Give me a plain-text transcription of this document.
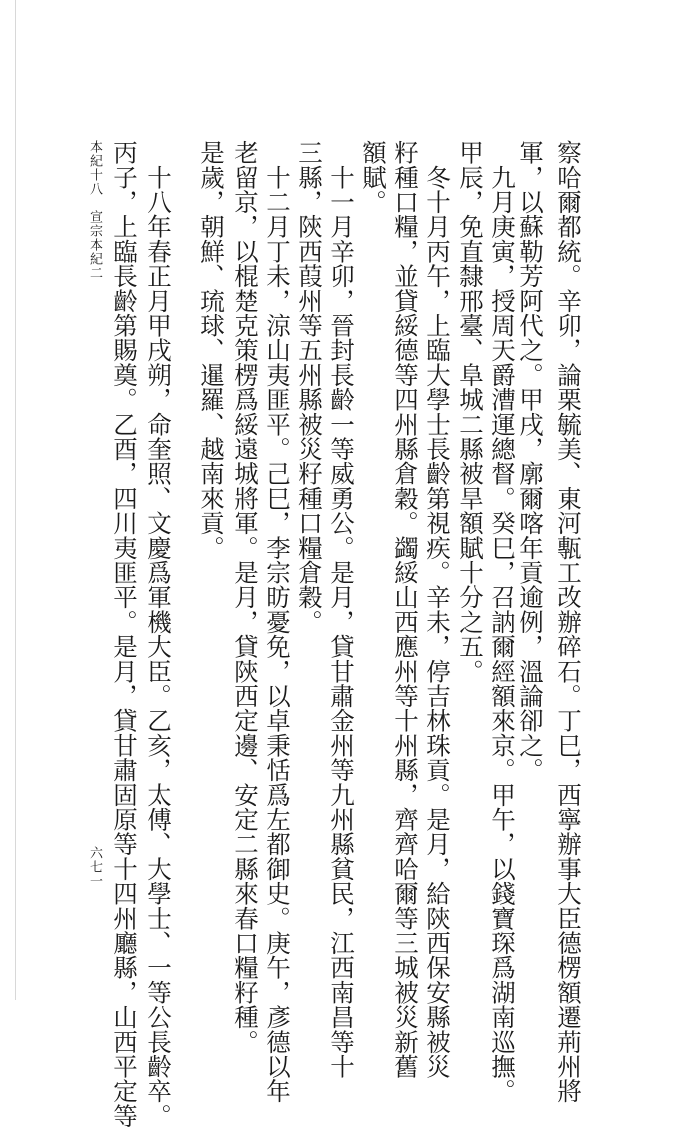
察哈爾都統。辛卯，論栗毓美、東河甎工改辦碎石。丁巳，西寧辦事大臣德楞額遷荊州將
軍，以蘇勒芳阿代之。甲戌，廓爾喀年貢逾例，溫論卻之。
　九月庚寅，授周天爵漕運總督。癸巳，召訥爾經額來京。甲午，以錢寶琛爲湖南巡撫。
甲辰，免直隸邢臺、阜城二縣被旱額賦十分之五。
　冬十月丙午，上臨大學士長齡第視疾。辛未，停吉林珠貢。是月，給陝西保安縣被災
籽種口糧，並貸綏德等四州縣倉穀。蠲綏山西應州等十州縣，齊齊哈爾等三城被災新舊
額賦。
　十一月辛卯，晉封長齡一等威勇公。是月，貸甘肅金州等九州縣貧民，江西南昌等十
三縣，陝西葭州等五州縣被災籽種口糧倉穀。
　十二月丁未，涼山夷匪平。己巳，李宗昉憂免，以卓秉恬爲左都御史。庚午，彥德以年
老留京，以棍楚克策楞爲綏遠城將軍。是月，貸陝西定邊、安定二縣來春口糧籽種。
是歲，朝鮮、琉球、暹羅、越南來貢。
　十八年春正月甲戌朔，命奎照、文慶爲軍機大臣。乙亥，太傅、大學士、一等公長齡卒。
丙子，上臨長齡第賜奠。乙酉，四川夷匪平。是月，貸甘肅固原等十四州廳縣，山西平定等
本紀十八　宣宗本紀二
六七一
